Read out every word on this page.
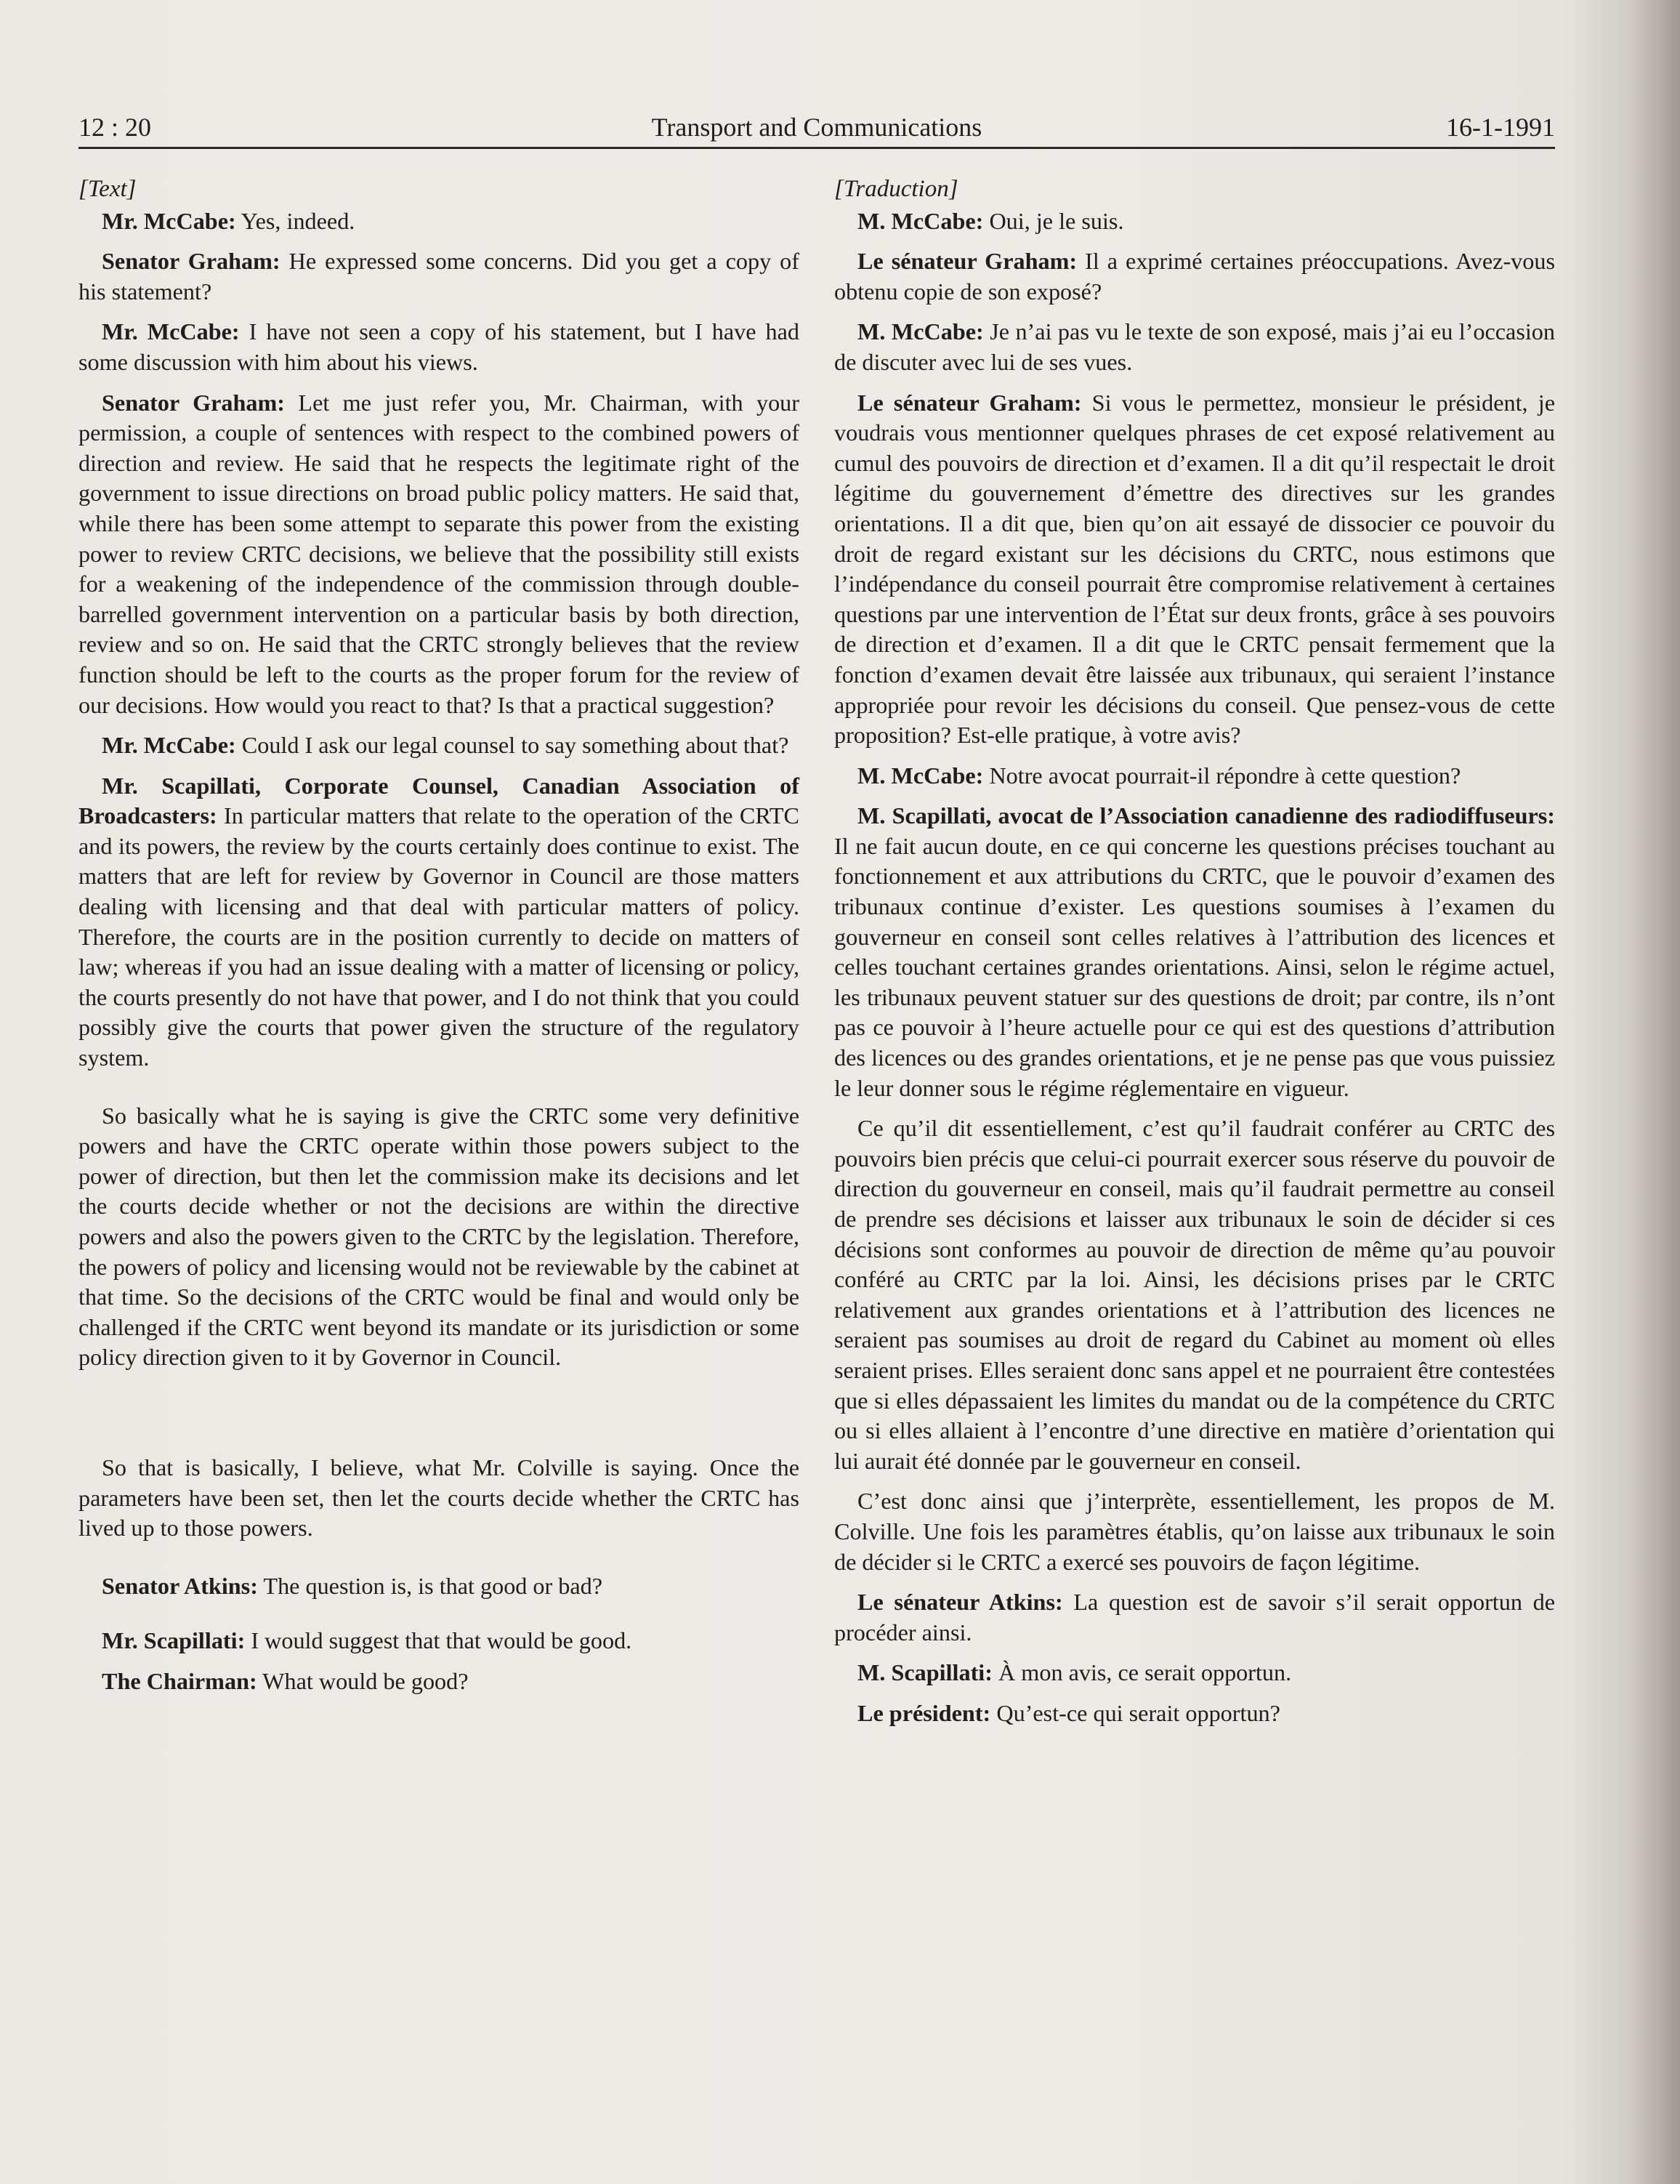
12 : 20	Transport and Communications	16-1-1991

[Text]

Mr. McCabe: Yes, indeed.

Senator Graham: He expressed some concerns. Did you get a copy of his statement?

Mr. McCabe: I have not seen a copy of his statement, but I have had some discussion with him about his views.

Senator Graham: Let me just refer you, Mr. Chairman, with your permission, a couple of sentences with respect to the combined powers of direction and review. He said that he respects the legitimate right of the government to issue directions on broad public policy matters. He said that, while there has been some attempt to separate this power from the existing power to review CRTC decisions, we believe that the possibility still exists for a weakening of the independence of the commission through double-barrelled government intervention on a particular basis by both direction, review and so on. He said that the CRTC strongly believes that the review function should be left to the courts as the proper forum for the review of our decisions. How would you react to that? Is that a practical suggestion?

Mr. McCabe: Could I ask our legal counsel to say something about that?

Mr. Scapillati, Corporate Counsel, Canadian Association of Broadcasters: In particular matters that relate to the operation of the CRTC and its powers, the review by the courts certainly does continue to exist. The matters that are left for review by Governor in Council are those matters dealing with licensing and that deal with particular matters of policy. Therefore, the courts are in the position currently to decide on matters of law; whereas if you had an issue dealing with a matter of licensing or policy, the courts presently do not have that power, and I do not think that you could possibly give the courts that power given the structure of the regulatory system.

So basically what he is saying is give the CRTC some very definitive powers and have the CRTC operate within those powers subject to the power of direction, but then let the commission make its decisions and let the courts decide whether or not the decisions are within the directive powers and also the powers given to the CRTC by the legislation. Therefore, the powers of policy and licensing would not be reviewable by the cabinet at that time. So the decisions of the CRTC would be final and would only be challenged if the CRTC went beyond its mandate or its jurisdiction or some policy direction given to it by Governor in Council.

So that is basically, I believe, what Mr. Colville is saying. Once the parameters have been set, then let the courts decide whether the CRTC has lived up to those powers.

Senator Atkins: The question is, is that good or bad?

Mr. Scapillati: I would suggest that that would be good.

The Chairman: What would be good?

[Traduction]

M. McCabe: Oui, je le suis.

Le sénateur Graham: Il a exprimé certaines préoccupations. Avez-vous obtenu copie de son exposé?

M. McCabe: Je n’ai pas vu le texte de son exposé, mais j’ai eu l’occasion de discuter avec lui de ses vues.

Le sénateur Graham: Si vous le permettez, monsieur le président, je voudrais vous mentionner quelques phrases de cet exposé relativement au cumul des pouvoirs de direction et d’examen. Il a dit qu’il respectait le droit légitime du gouvernement d’émettre des directives sur les grandes orientations. Il a dit que, bien qu’on ait essayé de dissocier ce pouvoir du droit de regard existant sur les décisions du CRTC, nous estimons que l’indépendance du conseil pourrait être compromise relativement à certaines questions par une intervention de l’État sur deux fronts, grâce à ses pouvoirs de direction et d’examen. Il a dit que le CRTC pensait fermement que la fonction d’examen devait être laissée aux tribunaux, qui seraient l’instance appropriée pour revoir les décisions du conseil. Que pensez-vous de cette proposition? Est-elle pratique, à votre avis?

M. McCabe: Notre avocat pourrait-il répondre à cette question?

M. Scapillati, avocat de l’Association canadienne des radiodiffuseurs: Il ne fait aucun doute, en ce qui concerne les questions précises touchant au fonctionnement et aux attributions du CRTC, que le pouvoir d’examen des tribunaux continue d’exister. Les questions soumises à l’examen du gouverneur en conseil sont celles relatives à l’attribution des licences et celles touchant certaines grandes orientations. Ainsi, selon le régime actuel, les tribunaux peuvent statuer sur des questions de droit; par contre, ils n’ont pas ce pouvoir à l’heure actuelle pour ce qui est des questions d’attribution des licences ou des grandes orientations, et je ne pense pas que vous puissiez le leur donner sous le régime réglementaire en vigueur.

Ce qu’il dit essentiellement, c’est qu’il faudrait conférer au CRTC des pouvoirs bien précis que celui-ci pourrait exercer sous réserve du pouvoir de direction du gouverneur en conseil, mais qu’il faudrait permettre au conseil de prendre ses décisions et laisser aux tribunaux le soin de décider si ces décisions sont conformes au pouvoir de direction de même qu’au pouvoir conféré au CRTC par la loi. Ainsi, les décisions prises par le CRTC relativement aux grandes orientations et à l’attribution des licences ne seraient pas soumises au droit de regard du Cabinet au moment où elles seraient prises. Elles seraient donc sans appel et ne pourraient être contestées que si elles dépassaient les limites du mandat ou de la compétence du CRTC ou si elles allaient à l’encontre d’une directive en matière d’orientation qui lui aurait été donnée par le gouverneur en conseil.

C’est donc ainsi que j’interprète, essentiellement, les propos de M. Colville. Une fois les paramètres établis, qu’on laisse aux tribunaux le soin de décider si le CRTC a exercé ses pouvoirs de façon légitime.

Le sénateur Atkins: La question est de savoir s’il serait opportun de procéder ainsi.

M. Scapillati: À mon avis, ce serait opportun.

Le président: Qu’est-ce qui serait opportun?
